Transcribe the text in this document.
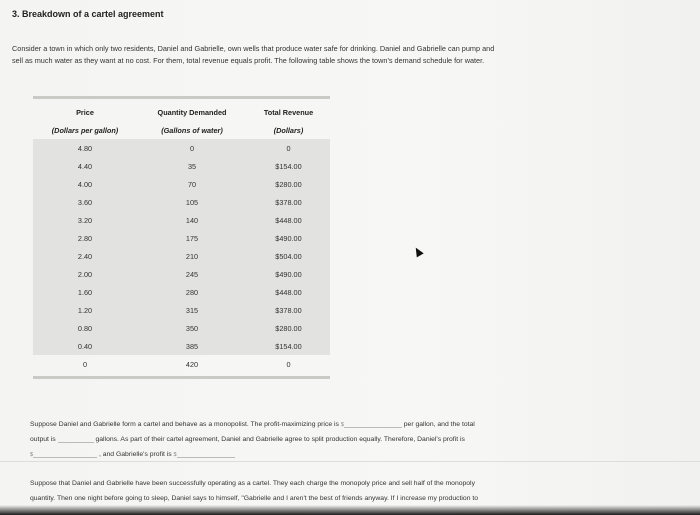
3. Breakdown of a cartel agreement
Consider a town in which only two residents, Daniel and Gabrielle, own wells that produce water safe for drinking. Daniel and Gabrielle can pump and
sell as much water as they want at no cost. For them, total revenue equals profit. The following table shows the town's demand schedule for water.
Price	Quantity Demanded	Total Revenue
(Dollars per gallon)	(Gallons of water)	(Dollars)
4.80	0	0
4.40	35	$154.00
4.00	70	$280.00
3.60	105	$378.00
3.20	140	$448.00
2.80	175	$490.00
2.40	210	$504.00
2.00	245	$490.00
1.60	280	$448.00
1.20	315	$378.00
0.80	350	$280.00
0.40	385	$154.00
0	420	0
Suppose Daniel and Gabrielle form a cartel and behave as a monopolist. The profit-maximizing price is $	per gallon, and the total
output is	gallons. As part of their cartel agreement, Daniel and Gabrielle agree to split production equally. Therefore, Daniel's profit is
$	, and Gabrielle's profit is $
Suppose that Daniel and Gabrielle have been successfully operating as a cartel. They each charge the monopoly price and sell half of the monopoly
quantity. Then one night before going to sleep, Daniel says to himself, "Gabrielle and I aren't the best of friends anyway. If I increase my production to
